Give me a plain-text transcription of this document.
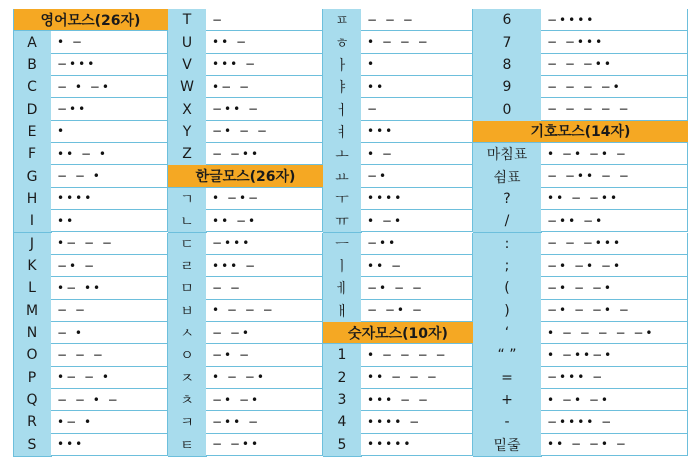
영어모스(26자)
A	• −
B	−•••
C	− • −•
D	−••
E	•
F	•• − •
G	− − •
H	••••
I	••
J	•− − −
K	−• −
L	•− ••
M	− −
N	− •
O	− − −
P	•− − •
Q	− − • −
R	•− •
S	•••
T	−
U	•• −
V	••• −
W	•− −
X	−•• −
Y	−• − −
Z	− −••
한글모스(26자)
ㄱ	• −•−
ㄴ	•• −•
ㄷ	−•••
ㄹ	••• −
ㅁ	− −
ㅂ	• − − −
ㅅ	− −•
ㅇ	−• −
ㅈ	• − −•
ㅊ	−• −•
ㅋ	−•• −
ㅌ	− −••
ㅍ	− − −
ㅎ	• − − −
ㅏ	•
ㅑ	••
ㅓ	−
ㅕ	•••
ㅗ	• −
ㅛ	−•
ㅜ	••••
ㅠ	• −•
ㅡ	−••
ㅣ	•• −
ㅔ	−• − −
ㅐ	− −• −
숫자모스(10자)
1	• − − − −
2	•• − − −
3	••• − −
4	•••• −
5	•••••
6	−••••
7	− −•••
8	− − −••
9	− − − −•
0	− − − − −
기호모스(14자)
마침표	• −• −• −
쉼표	− −•• − −
?	•• − −••
/	−•• −•
:	− − −•••
;	−• −• −•
(	−• − −•
)	−• − −• −
‘	• − − − − −•
“ ”	• −••−•
=	−••• −
+	• −• −•
-	−•••• −
밑줄	•• − −• −
